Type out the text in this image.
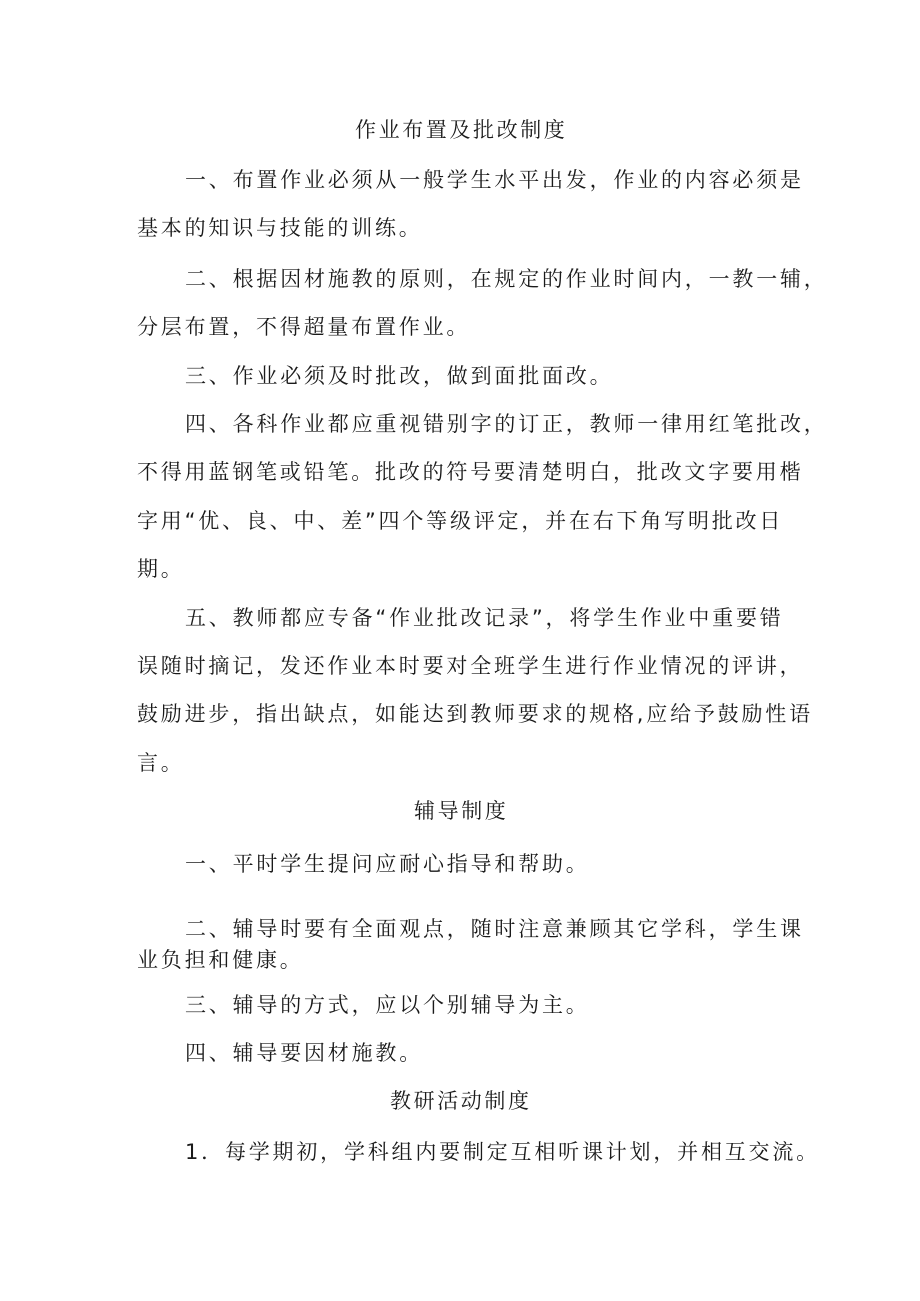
作业布置及批改制度
一、布置作业必须从一般学生水平出发，作业的内容必须是
基本的知识与技能的训练。
二、根据因材施教的原则，在规定的作业时间内，一教一辅，
分层布置，不得超量布置作业。
三、作业必须及时批改，做到面批面改。
四、各科作业都应重视错别字的订正，教师一律用红笔批改，
不得用蓝钢笔或铅笔。批改的符号要清楚明白，批改文字要用楷
字用“优、良、中、差”四个等级评定，并在右下角写明批改日
期。
五、教师都应专备“作业批改记录”，将学生作业中重要错
误随时摘记，发还作业本时要对全班学生进行作业情况的评讲，
鼓励进步，指出缺点，如能达到教师要求的规格,应给予鼓励性语
言。
辅导制度
一、平时学生提问应耐心指导和帮助。
二、辅导时要有全面观点，随时注意兼顾其它学科，学生课
业负担和健康。
三、辅导的方式，应以个别辅导为主。
四、辅导要因材施教。
教研活动制度
1．每学期初，学科组内要制定互相听课计划，并相互交流。
